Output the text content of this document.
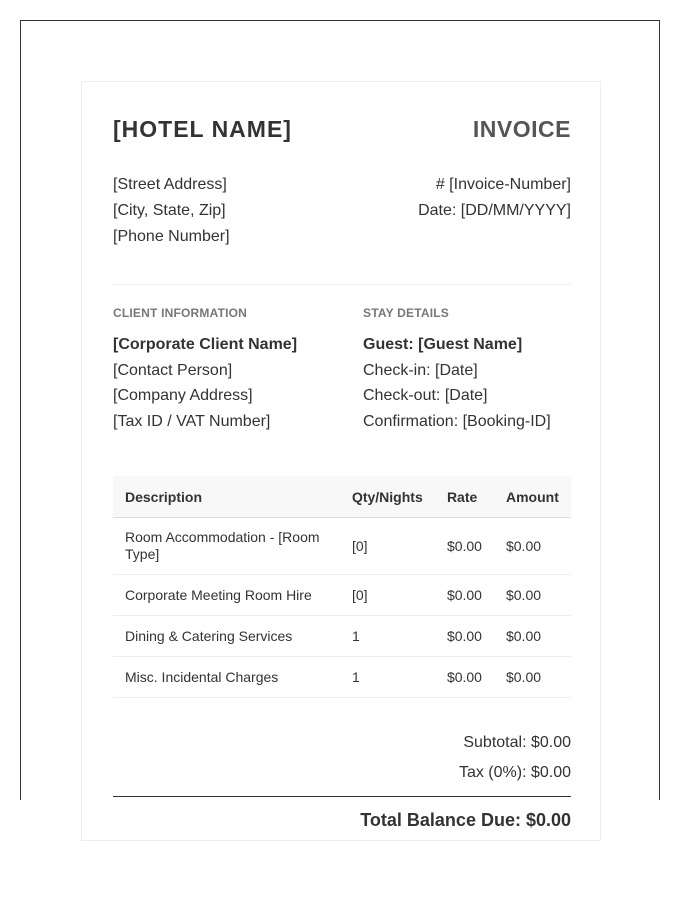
[HOTEL NAME]	INVOICE
[Street Address]
[City, State, Zip]
[Phone Number]
# [Invoice-Number]
Date: [DD/MM/YYYY]
CLIENT INFORMATION
[Corporate Client Name]
[Contact Person]
[Company Address]
[Tax ID / VAT Number]
STAY DETAILS
Guest: [Guest Name]
Check-in: [Date]
Check-out: [Date]
Confirmation: [Booking-ID]
Description	Qty/Nights	Rate	Amount
Room Accommodation - [Room Type]	[0]	$0.00	$0.00
Corporate Meeting Room Hire	[0]	$0.00	$0.00
Dining & Catering Services	1	$0.00	$0.00
Misc. Incidental Charges	1	$0.00	$0.00
Subtotal: $0.00
Tax (0%): $0.00
Total Balance Due: $0.00
